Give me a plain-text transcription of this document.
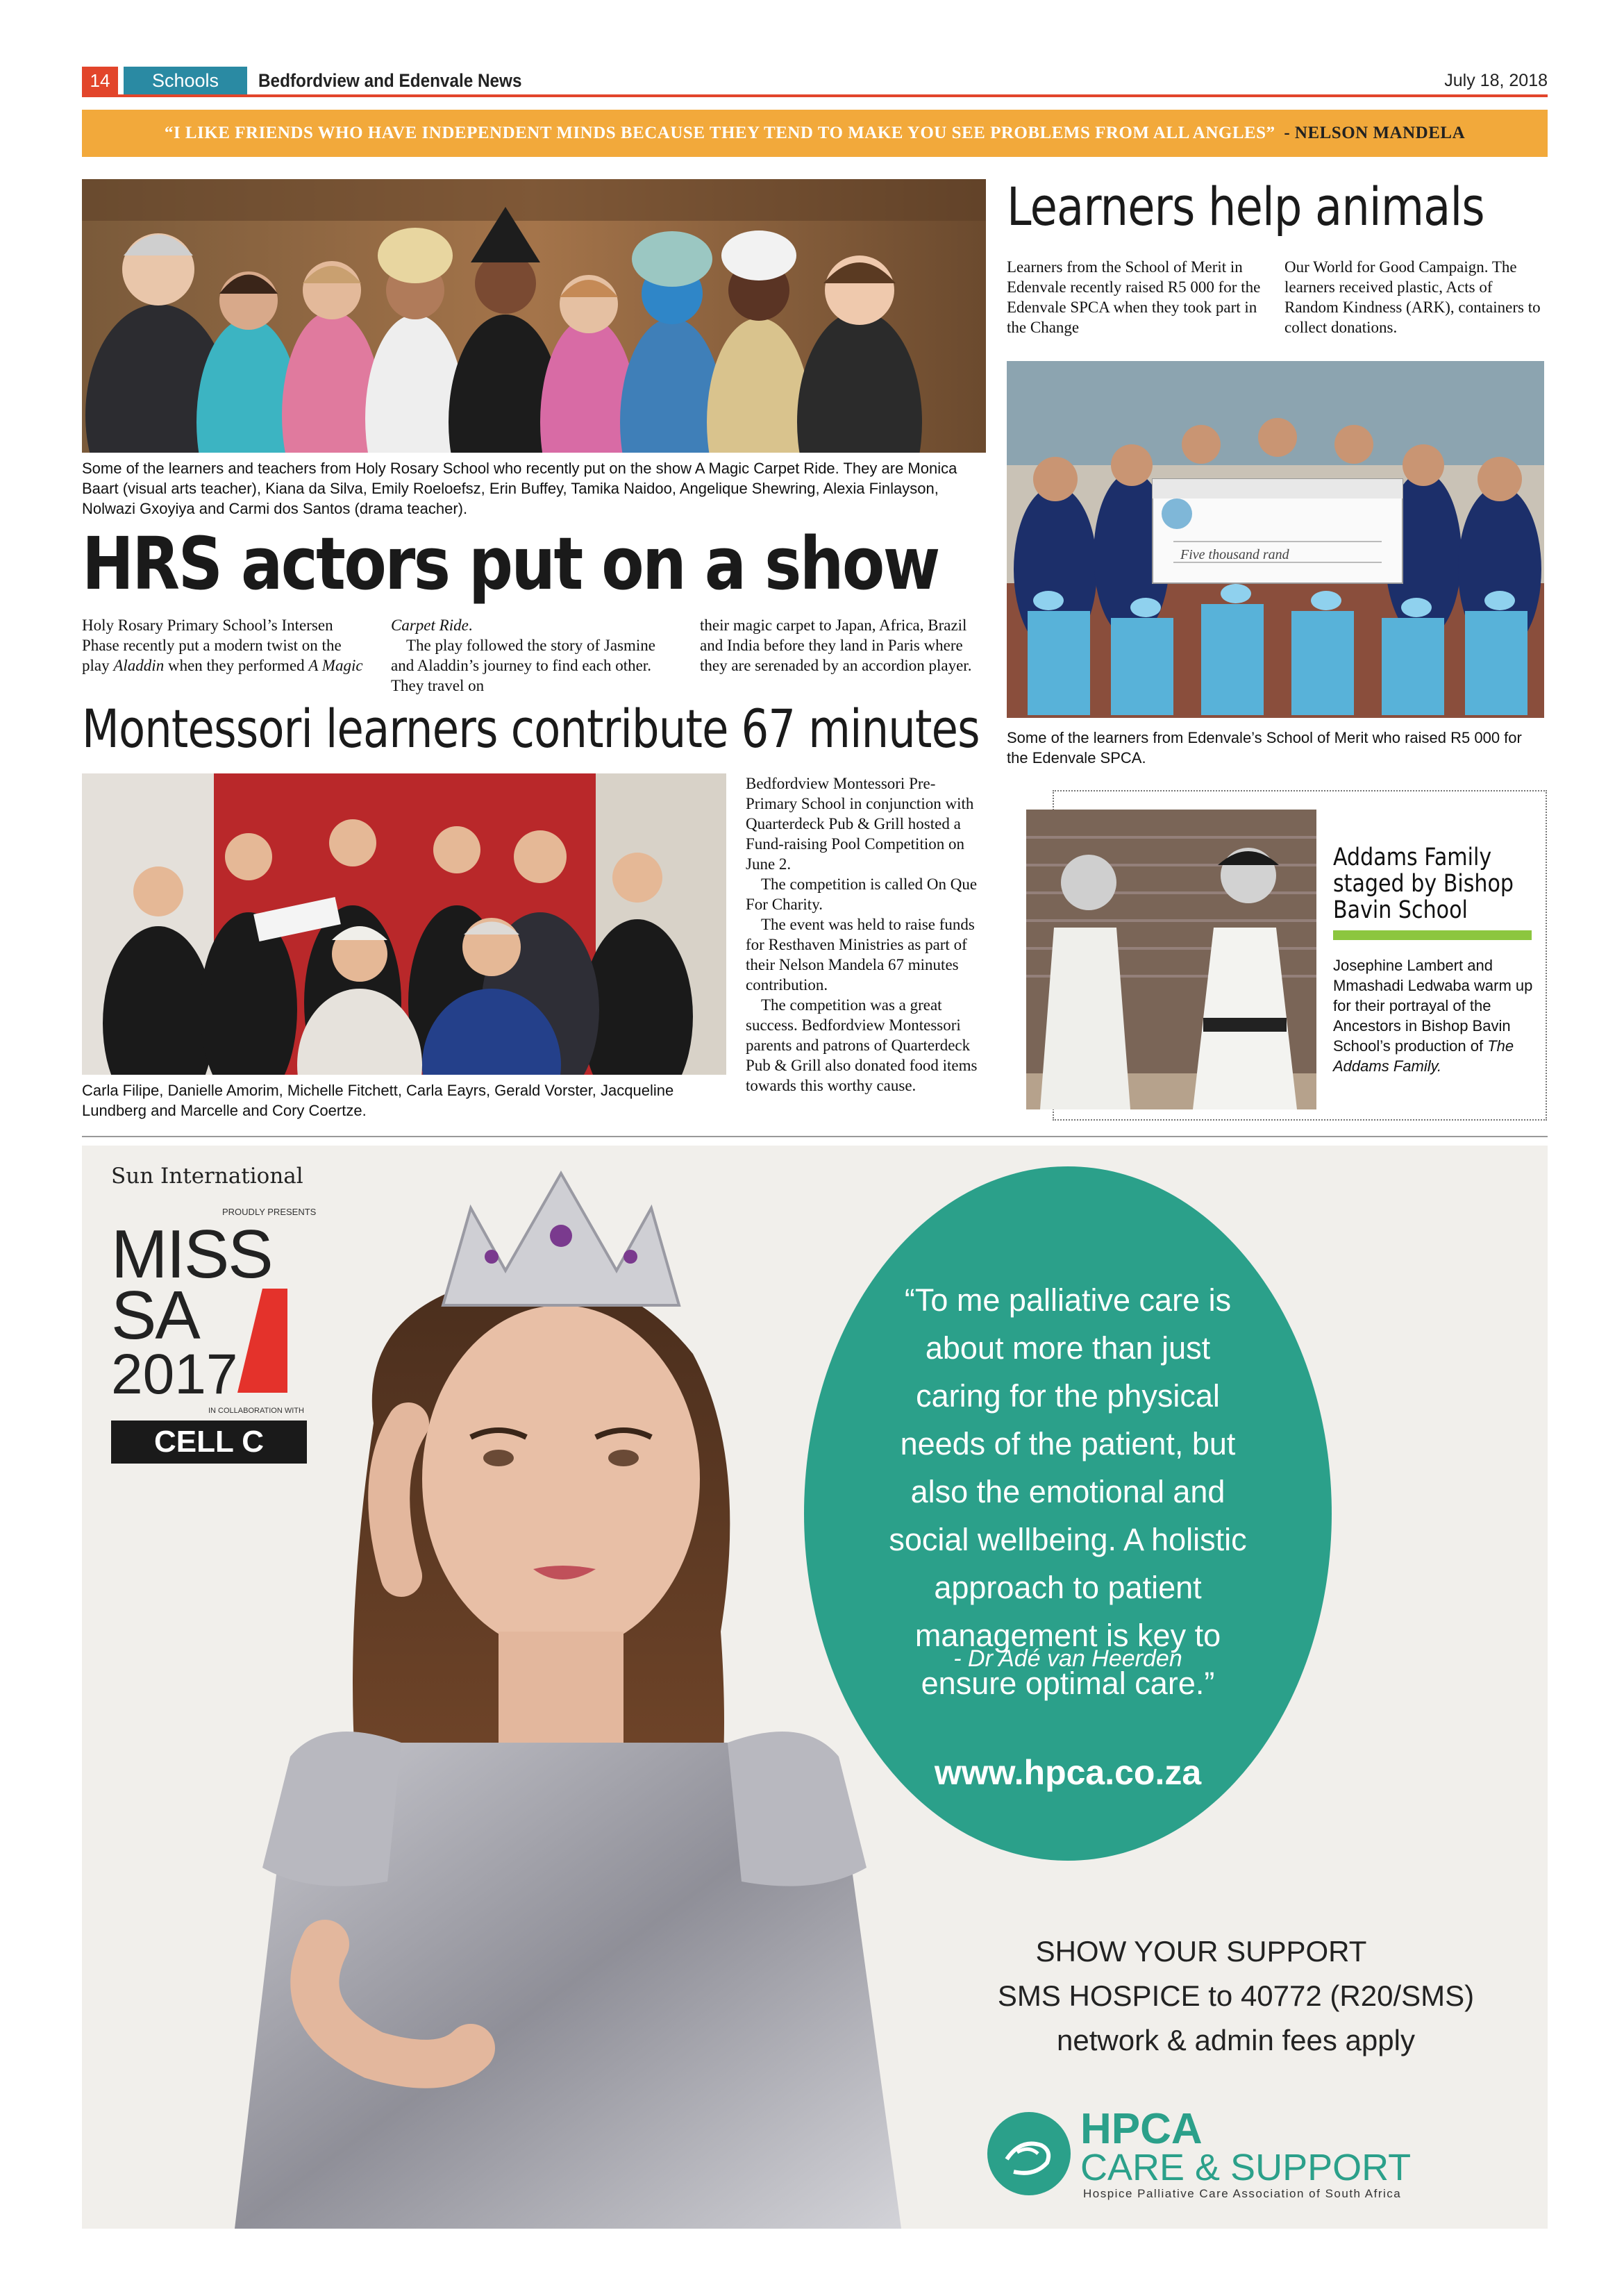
14	Schools	Bedfordview and Edenvale News	July 18, 2018
“I LIKE FRIENDS WHO HAVE INDEPENDENT MINDS BECAUSE THEY TEND TO MAKE YOU SEE PROBLEMS FROM ALL ANGLES” - NELSON MANDELA
Some of the learners and teachers from Holy Rosary School who recently put on the show A Magic Carpet Ride. They are Monica Baart (visual arts teacher), Kiana da Silva, Emily Roeloefsz, Erin Buffey, Tamika Naidoo, Angelique Shewring, Alexia Finlayson, Nolwazi Gxoyiya and Carmi dos Santos (drama teacher).
HRS actors put on a show
Holy Rosary Primary School’s Intersen Phase recently put a modern twist on the play Aladdin when they performed A Magic

Carpet Ride.

The play followed the story of Jasmine and Aladdin’s journey to find each other. They travel on

their magic carpet to Japan, Africa, Brazil and India before they land in Paris where they are serenaded by an accordion player.
Learners help animals
Learners from the School of Merit in Edenvale recently raised R5 000 for the Edenvale SPCA when they took part in the Change
Our World for Good Campaign. The learners received plastic, Acts of Random Kindness (ARK), containers to collect donations.
Five thousand rand
Some of the learners from Edenvale’s School of Merit who raised R5 000 for the Edenvale SPCA.
Montessori learners contribute 67 minutes
Carla Filipe, Danielle Amorim, Michelle Fitchett, Carla Eayrs, Gerald Vorster, Jacqueline Lundberg and Marcelle and Cory Coertze.

Bedfordview Montessori Pre-Primary School in conjunction with Quarterdeck Pub & Grill hosted a Fund-raising Pool Competition on June 2.

The competition is called On Que For Charity.

The event was held to raise funds for Resthaven Ministries as part of their Nelson Mandela 67 minutes contribution.

The competition was a great success. Bedfordview Montessori parents and patrons of Quarterdeck Pub & Grill also donated food items towards this worthy cause.

Addams Family staged by Bishop Bavin School
Josephine Lambert and Mmashadi Ledwaba warm up for their portrayal of the Ancestors in Bishop Bavin School’s production of The Addams Family.
Sun International
PROUDLY PRESENTS
MISS
SA
2017
IN COLLABORATION WITH
CELL C
“To me palliative care is about more than just caring for the physical needs of the patient, but also the emotional and social wellbeing. A holistic approach to patient management is key to ensure optimal care.”
- Dr Adé van Heerden
www.hpca.co.za
SHOW YOUR SUPPORT
SMS HOSPICE to 40772 (R20/SMS)
network & admin fees apply
HPCA
CARE & SUPPORT
Hospice Palliative Care Association of South Africa
